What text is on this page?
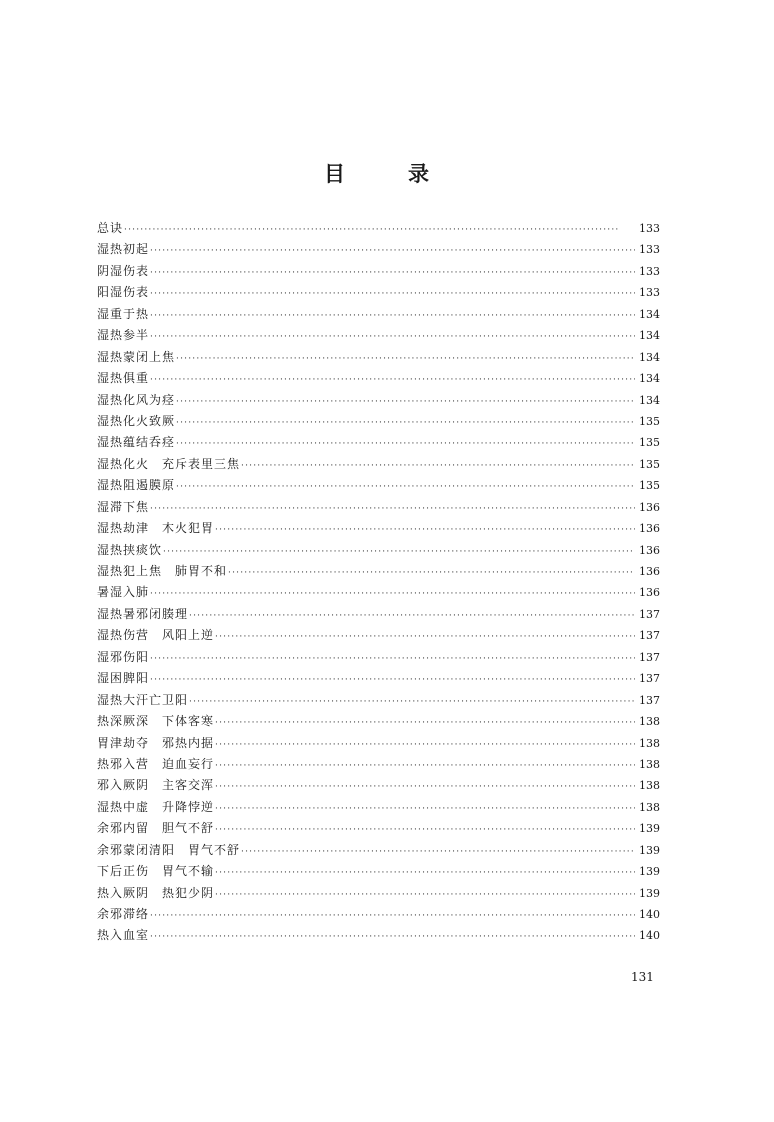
目	录
总诀 ·····	133
湿热初起 ·····	133
阴湿伤表 ·····	133
阳湿伤表 ·····	133
湿重于热 ·····	134
湿热参半 ·····	134
湿热蒙闭上焦 ·····	134
湿热俱重 ·····	134
湿热化风为痉 ·····	134
湿热化火致厥 ·····	135
湿热蕴结呑痉 ·····	135
湿热化火　充斥表里三焦 ·····	135
湿热阻遏膜原 ·····	135
湿滞下焦 ·····	136
湿热劫津　木火犯胃 ·····	136
湿热挟痰饮 ·····	136
湿热犯上焦　肺胃不和 ·····	136
暑湿入肺 ·····	136
湿热暑邪闭腠理 ·····	137
湿热伤营　风阳上逆 ·····	137
湿邪伤阳 ·····	137
湿困脾阳 ·····	137
湿热大汗亡卫阳 ·····	137
热深厥深　下体客寒 ·····	138
胃津劫夺　邪热内据 ·····	138
热邪入营　迫血妄行 ·····	138
邪入厥阴　主客交浑 ·····	138
湿热中虚　升降悖逆 ·····	138
余邪内留　胆气不舒 ·····	139
余邪蒙闭清阳　胃气不舒 ·····	139
下后正伤　胃气不输 ·····	139
热入厥阴　热犯少阴 ·····	139
余邪滞络 ·····	140
热入血室 ·····	140
131
